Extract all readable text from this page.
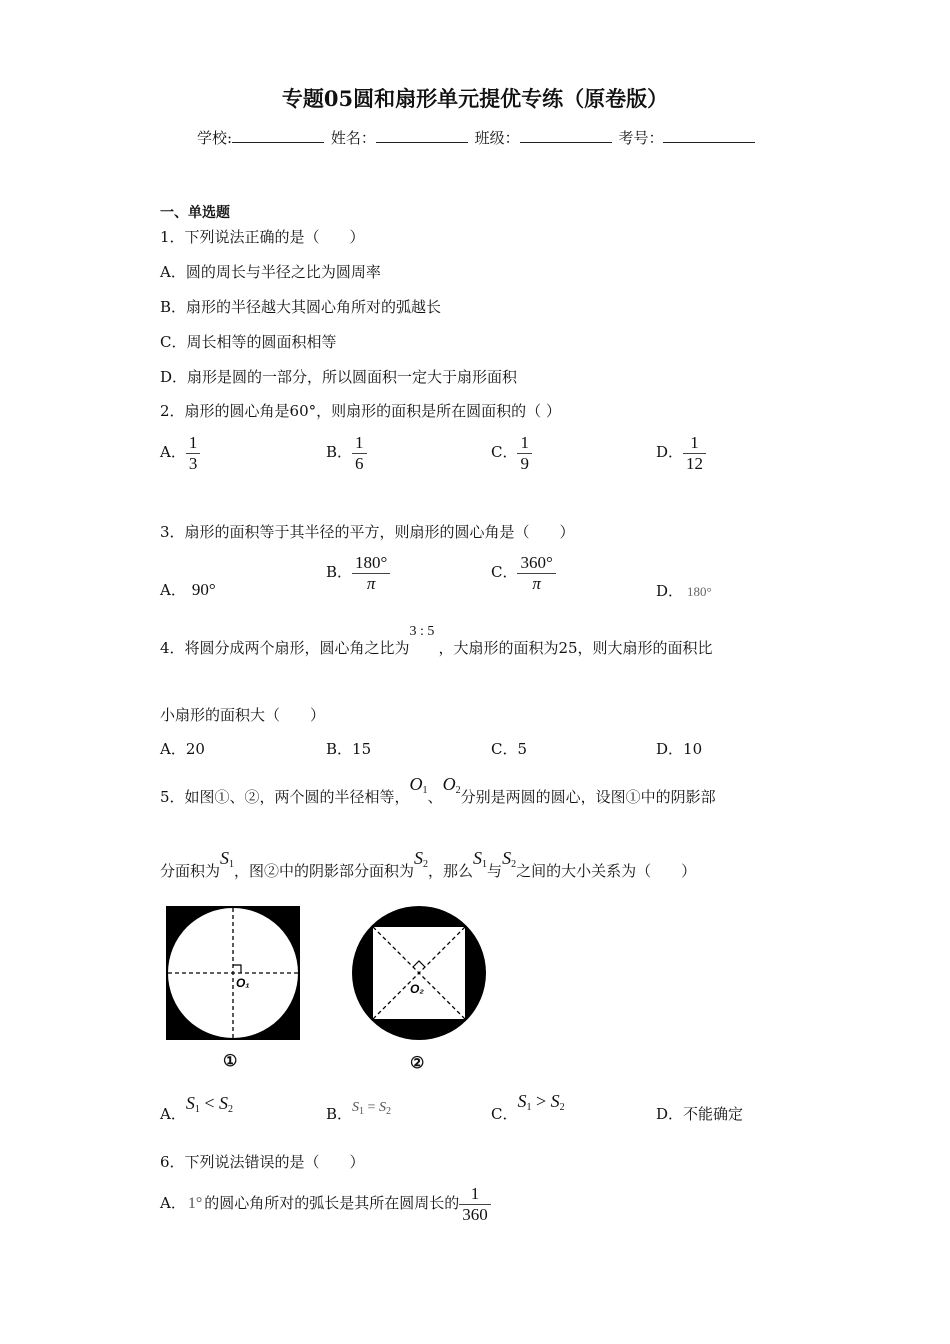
专题05圆和扇形单元提优专练（原卷版）
学校:	姓名：	班级：	考号：
一、单选题
1．下列说法正确的是（　　）
A．圆的周长与半径之比为圆周率
B．扇形的半径越大其圆心角所对的弧越长
C．周长相等的圆面积相等
D．扇形是圆的一部分，所以圆面积一定大于扇形面积
2．扇形的圆心角是60°，则扇形的面积是所在圆面积的（ ）
A． $\frac{1}{3}$	B． $\frac{1}{6}$	C． $\frac{1}{9}$	D． $\frac{1}{12}$
3．扇形的面积等于其半径的平方，则扇形的圆心角是（　　）
A． 90°
B． $\frac{180^\circ}{\pi}$	C． $\frac{360^\circ}{\pi}$	D． 180°
4．将圆分成两个扇形，圆心角之比为3 : 5，大扇形的面积为25，则大扇形的面积比
小扇形的面积大（　　）
A．20	B．15	C．5	D．10
5．如图①、②，两个圆的半径相等，$O_1$、$O_2$分别是两圆的圆心，设图①中的阴影部
分面积为$S_1$，图②中的阴影部分面积为$S_2$，那么$S_1$与$S_2$之间的大小关系为（　　）
O₁
①
O₂
②
A．$S_1 < S_2$	B．$S_1 = S_2$	C．$S_1 > S_2$	D．不能确定
6．下列说法错误的是（　　）
A． 1° 的圆心角所对的弧长是其所在圆周长的 $\frac{1}{360}$
